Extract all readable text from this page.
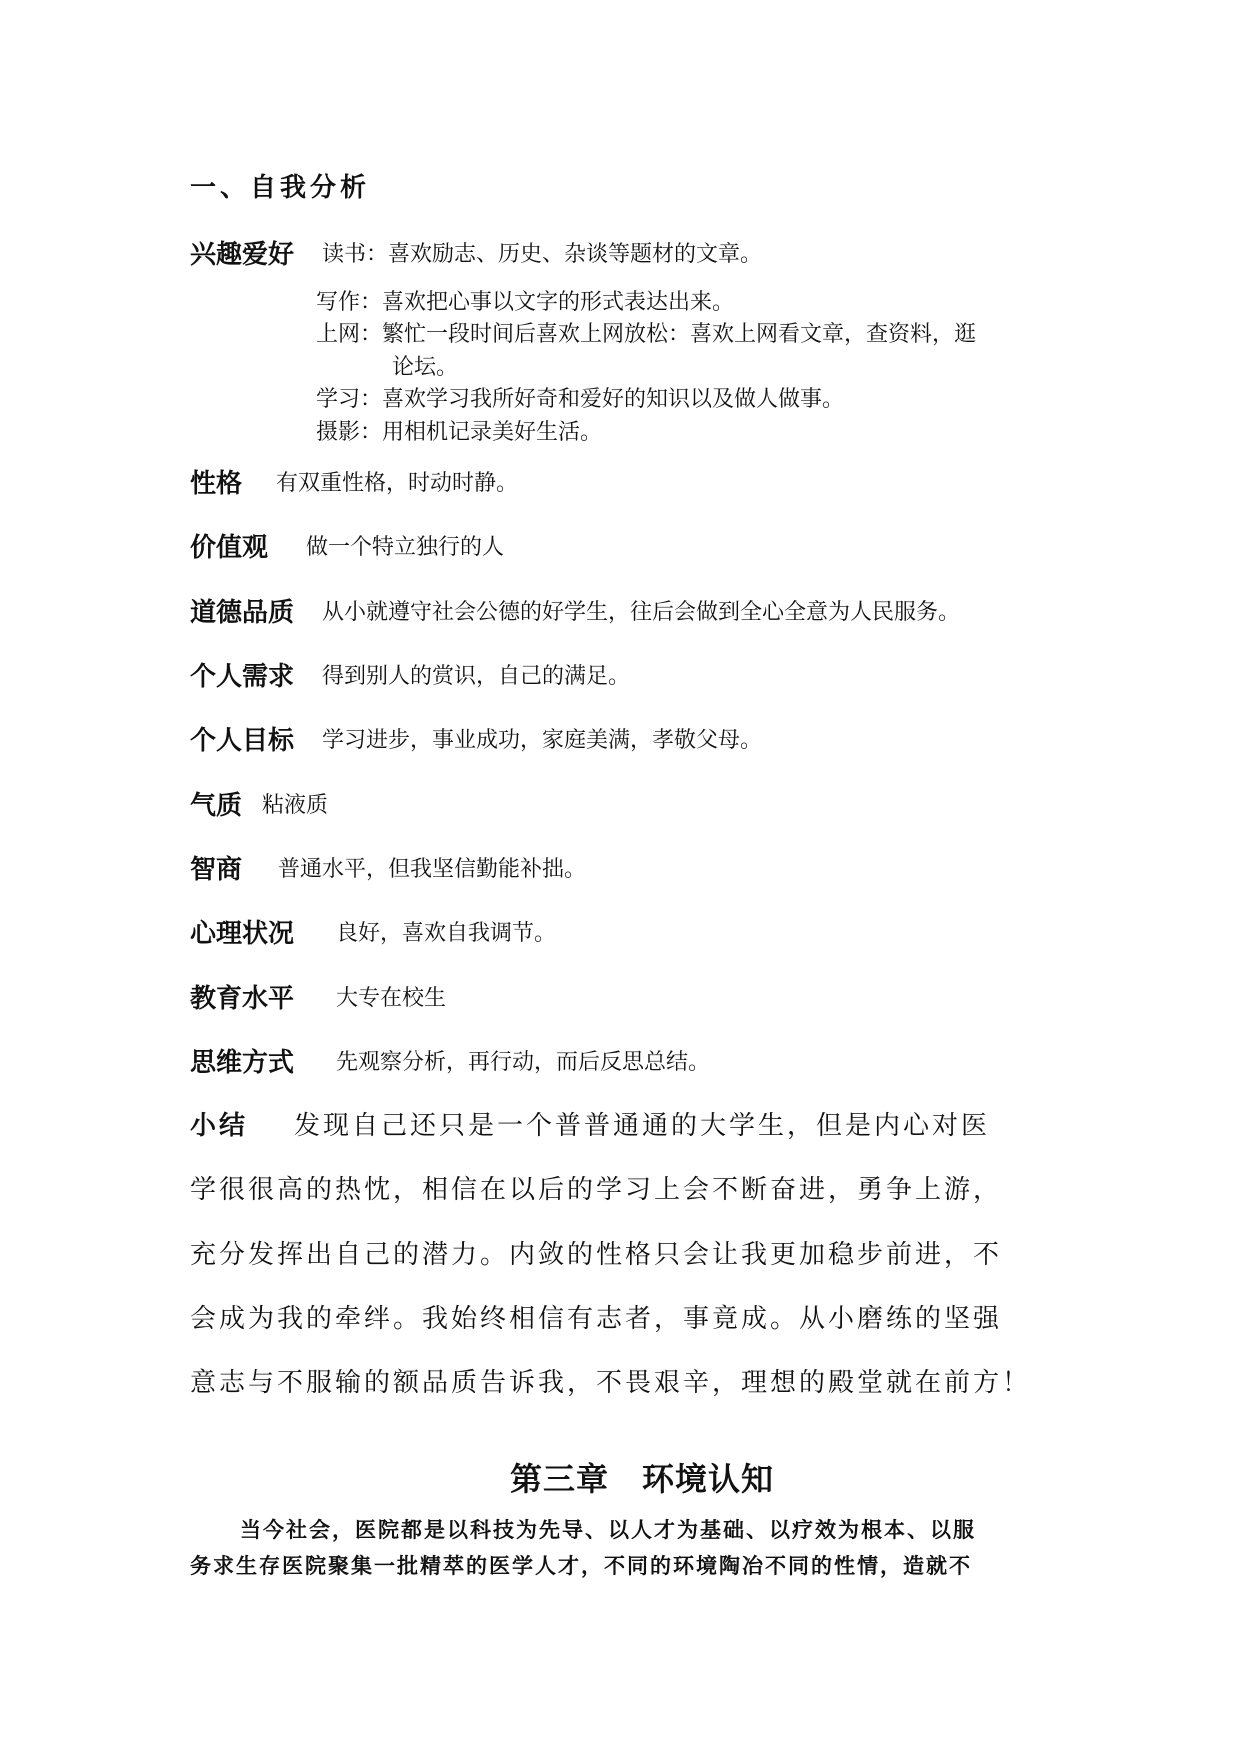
一、自我分析
兴趣爱好 读书：喜欢励志、历史、杂谈等题材的文章。
写作：喜欢把心事以文字的形式表达出来。
上网：繁忙一段时间后喜欢上网放松：喜欢上网看文章，查资料，逛
论坛。
学习：喜欢学习我所好奇和爱好的知识以及做人做事。
摄影：用相机记录美好生活。
性格 有双重性格，时动时静。
价值观 做一个特立独行的人
道德品质 从小就遵守社会公德的好学生，往后会做到全心全意为人民服务。
个人需求 得到别人的赏识，自己的满足。
个人目标 学习进步，事业成功，家庭美满，孝敬父母。
气质 粘液质
智商 普通水平，但我坚信勤能补拙。
心理状况 良好，喜欢自我调节。
教育水平 大专在校生
思维方式 先观察分析，再行动，而后反思总结。
小结 发现自己还只是一个普普通通的大学生，但是内心对医
学很很高的热忱，相信在以后的学习上会不断奋进，勇争上游，
充分发挥出自己的潜力。内敛的性格只会让我更加稳步前进，不
会成为我的牵绊。我始终相信有志者，事竟成。从小磨练的坚强
意志与不服输的额品质告诉我，不畏艰辛，理想的殿堂就在前方！
第三章　环境认知
当今社会，医院都是以科技为先导、以人才为基础、以疗效为根本、以服
务求生存医院聚集一批精萃的医学人才，不同的环境陶冶不同的性情，造就不
